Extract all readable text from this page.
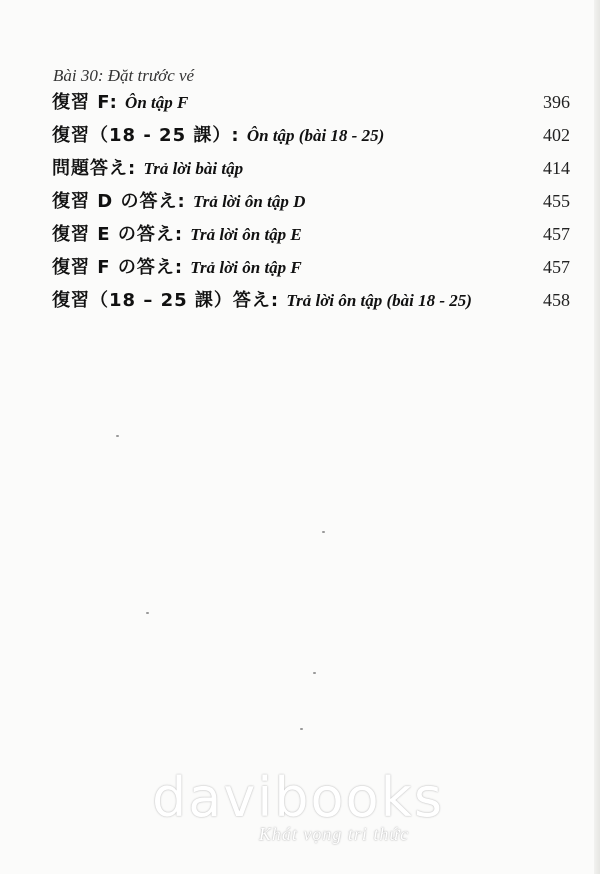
Bài 30: Đặt trước vé

復習 F: Ôn tập F	396
復習（18 - 25 課）: Ôn tập (bài 18 - 25)	402
問題答え: Trả lời bài tập	414
復習 D の答え: Trả lời ôn tập D	455
復習 E の答え: Trả lời ôn tập E	457
復習 F の答え: Trả lời ôn tập F	457
復習（18 – 25 課）答え: Trả lời ôn tập (bài 18 - 25)	458
davibooks
Khát vọng tri thức
